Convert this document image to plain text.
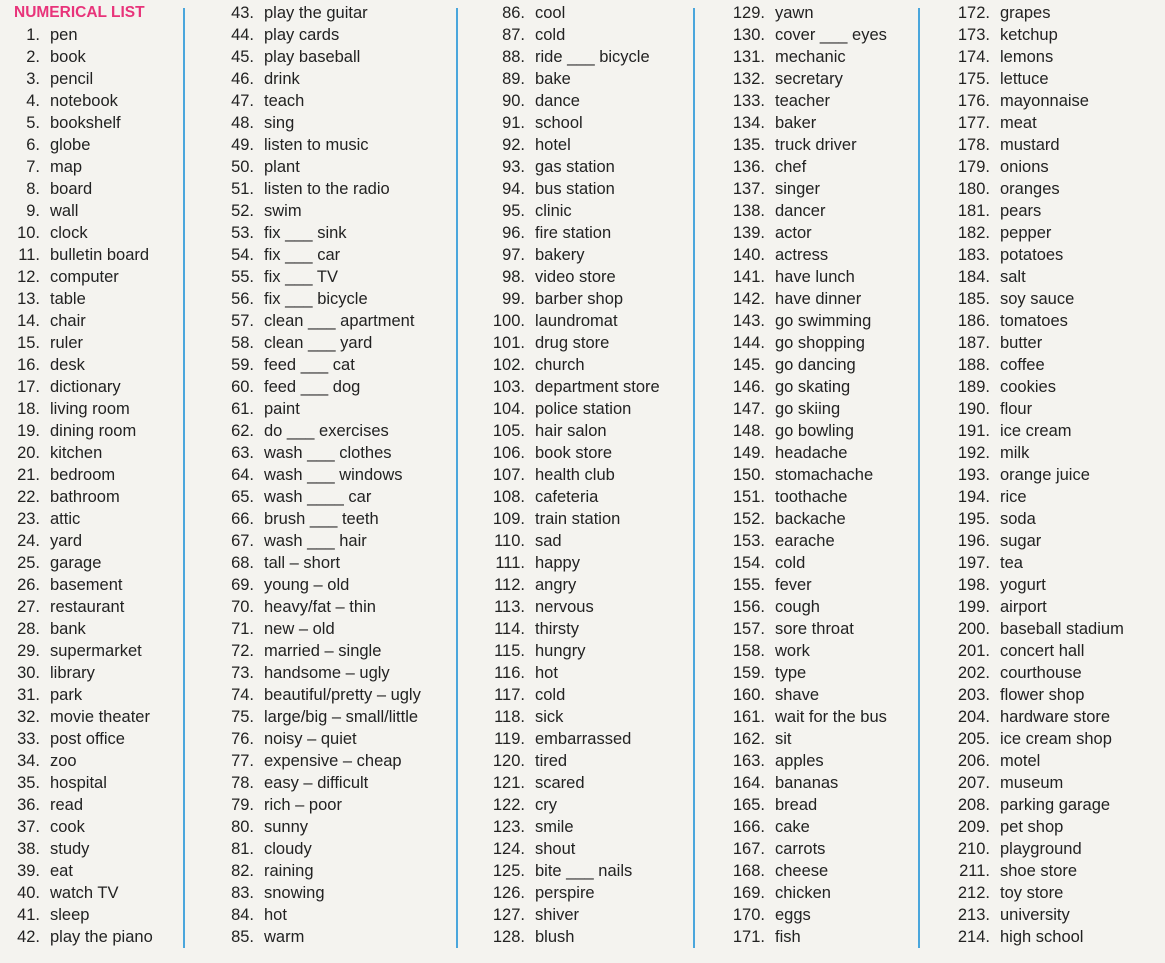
NUMERICAL LIST
1. pen
2. book
3. pencil
4. notebook
5. bookshelf
6. globe
7. map
8. board
9. wall
10. clock
11. bulletin board
12. computer
13. table
14. chair
15. ruler
16. desk
17. dictionary
18. living room
19. dining room
20. kitchen
21. bedroom
22. bathroom
23. attic
24. yard
25. garage
26. basement
27. restaurant
28. bank
29. supermarket
30. library
31. park
32. movie theater
33. post office
34. zoo
35. hospital
36. read
37. cook
38. study
39. eat
40. watch TV
41. sleep
42. play the piano
43. play the guitar
44. play cards
45. play baseball
46. drink
47. teach
48. sing
49. listen to music
50. plant
51. listen to the radio
52. swim
53. fix ___ sink
54. fix ___ car
55. fix ___ TV
56. fix ___ bicycle
57. clean ___ apartment
58. clean ___ yard
59. feed ___ cat
60. feed ___ dog
61. paint
62. do ___ exercises
63. wash ___ clothes
64. wash ___ windows
65. wash ____ car
66. brush ___ teeth
67. wash ___ hair
68. tall – short
69. young – old
70. heavy/fat – thin
71. new – old
72. married – single
73. handsome – ugly
74. beautiful/pretty – ugly
75. large/big – small/little
76. noisy – quiet
77. expensive – cheap
78. easy – difficult
79. rich – poor
80. sunny
81. cloudy
82. raining
83. snowing
84. hot
85. warm
86. cool
87. cold
88. ride ___ bicycle
89. bake
90. dance
91. school
92. hotel
93. gas station
94. bus station
95. clinic
96. fire station
97. bakery
98. video store
99. barber shop
100. laundromat
101. drug store
102. church
103. department store
104. police station
105. hair salon
106. book store
107. health club
108. cafeteria
109. train station
110. sad
111. happy
112. angry
113. nervous
114. thirsty
115. hungry
116. hot
117. cold
118. sick
119. embarrassed
120. tired
121. scared
122. cry
123. smile
124. shout
125. bite ___ nails
126. perspire
127. shiver
128. blush
129. yawn
130. cover ___ eyes
131. mechanic
132. secretary
133. teacher
134. baker
135. truck driver
136. chef
137. singer
138. dancer
139. actor
140. actress
141. have lunch
142. have dinner
143. go swimming
144. go shopping
145. go dancing
146. go skating
147. go skiing
148. go bowling
149. headache
150. stomachache
151. toothache
152. backache
153. earache
154. cold
155. fever
156. cough
157. sore throat
158. work
159. type
160. shave
161. wait for the bus
162. sit
163. apples
164. bananas
165. bread
166. cake
167. carrots
168. cheese
169. chicken
170. eggs
171. fish
172. grapes
173. ketchup
174. lemons
175. lettuce
176. mayonnaise
177. meat
178. mustard
179. onions
180. oranges
181. pears
182. pepper
183. potatoes
184. salt
185. soy sauce
186. tomatoes
187. butter
188. coffee
189. cookies
190. flour
191. ice cream
192. milk
193. orange juice
194. rice
195. soda
196. sugar
197. tea
198. yogurt
199. airport
200. baseball stadium
201. concert hall
202. courthouse
203. flower shop
204. hardware store
205. ice cream shop
206. motel
207. museum
208. parking garage
209. pet shop
210. playground
211. shoe store
212. toy store
213. university
214. high school
